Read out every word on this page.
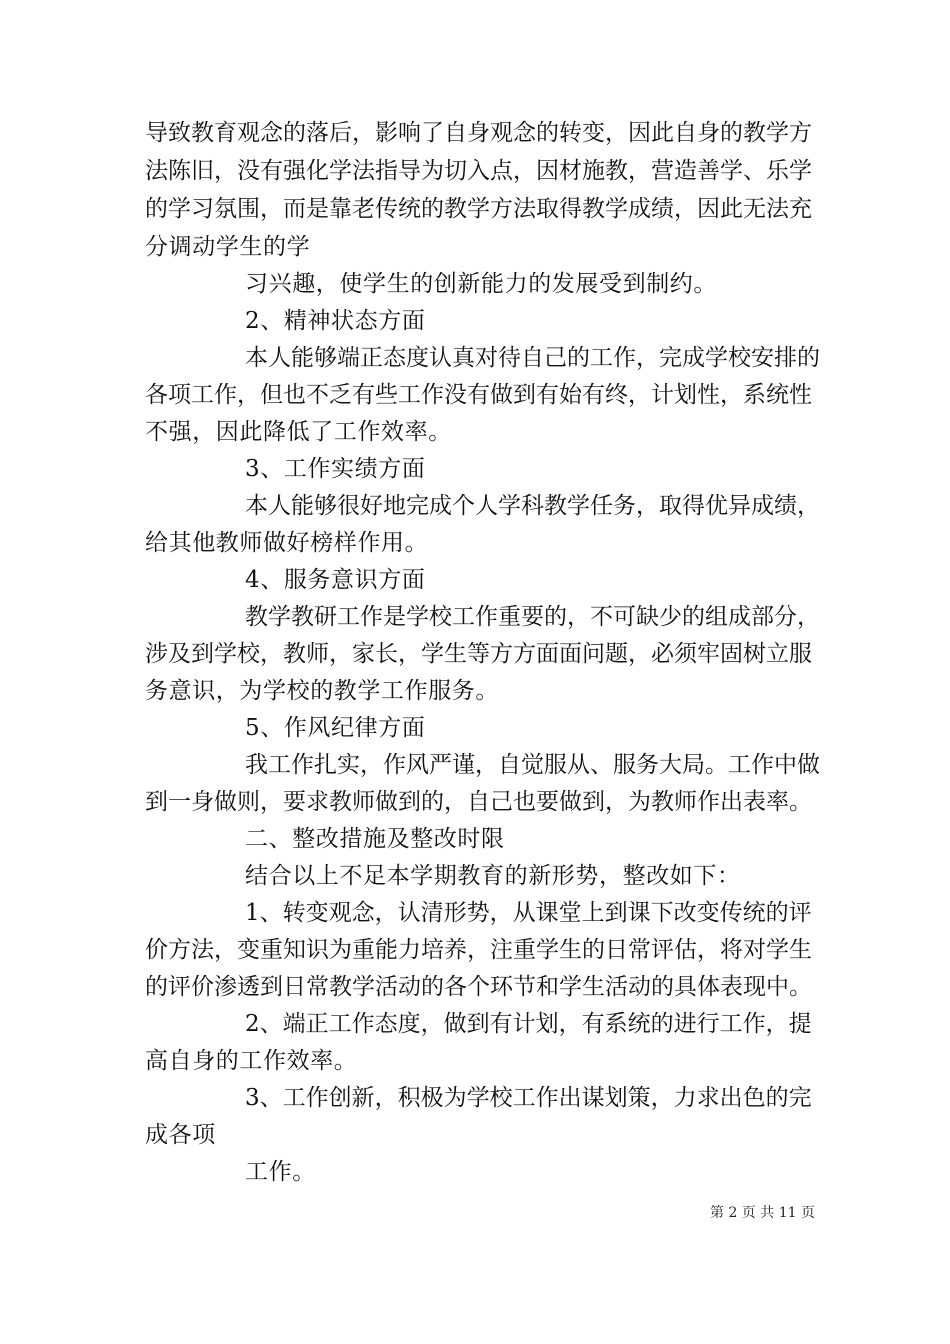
导致教育观念的落后，影响了自身观念的转变，因此自身的教学方
法陈旧，没有强化学法指导为切入点，因材施教，营造善学、乐学
的学习氛围，而是靠老传统的教学方法取得教学成绩，因此无法充
分调动学生的学
习兴趣，使学生的创新能力的发展受到制约。
2、精神状态方面
本人能够端正态度认真对待自己的工作，完成学校安排的
各项工作，但也不乏有些工作没有做到有始有终，计划性，系统性
不强，因此降低了工作效率。
3、工作实绩方面
本人能够很好地完成个人学科教学任务，取得优异成绩，
给其他教师做好榜样作用。
4、服务意识方面
教学教研工作是学校工作重要的，不可缺少的组成部分，
涉及到学校，教师，家长，学生等方方面面问题，必须牢固树立服
务意识，为学校的教学工作服务。
5、作风纪律方面
我工作扎实，作风严谨，自觉服从、服务大局。工作中做
到一身做则，要求教师做到的，自己也要做到，为教师作出表率。
二、整改措施及整改时限
结合以上不足本学期教育的新形势，整改如下：
1、转变观念，认清形势，从课堂上到课下改变传统的评
价方法，变重知识为重能力培养，注重学生的日常评估，将对学生
的评价渗透到日常教学活动的各个环节和学生活动的具体表现中。
2、端正工作态度，做到有计划，有系统的进行工作，提
高自身的工作效率。
3、工作创新，积极为学校工作出谋划策，力求出色的完
成各项
工作。
第 2 页 共 11 页
